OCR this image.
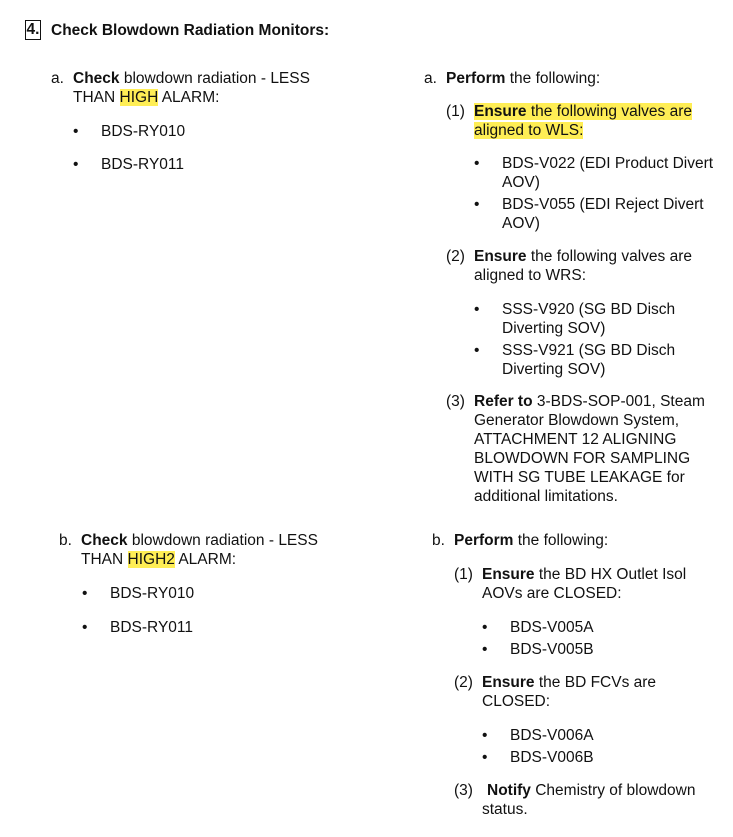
4. Check Blowdown Radiation Monitors:
a. Check blowdown radiation - LESS THAN HIGH ALARM:
• BDS-RY010
• BDS-RY011
a. Perform the following:
(1) Ensure the following valves are aligned to WLS:
• BDS-V022 (EDI Product Divert AOV)
• BDS-V055 (EDI Reject Divert AOV)
(2) Ensure the following valves are aligned to WRS:
• SSS-V920 (SG BD Disch Diverting SOV)
• SSS-V921 (SG BD Disch Diverting SOV)
(3) Refer to 3-BDS-SOP-001, Steam Generator Blowdown System, ATTACHMENT 12 ALIGNING BLOWDOWN FOR SAMPLING WITH SG TUBE LEAKAGE for additional limitations.
b. Check blowdown radiation - LESS THAN HIGH2 ALARM:
• BDS-RY010
• BDS-RY011
b. Perform the following:
(1) Ensure the BD HX Outlet Isol AOVs are CLOSED:
• BDS-V005A
• BDS-V005B
(2) Ensure the BD FCVs are CLOSED:
• BDS-V006A
• BDS-V006B
(3) Notify Chemistry of blowdown status.
